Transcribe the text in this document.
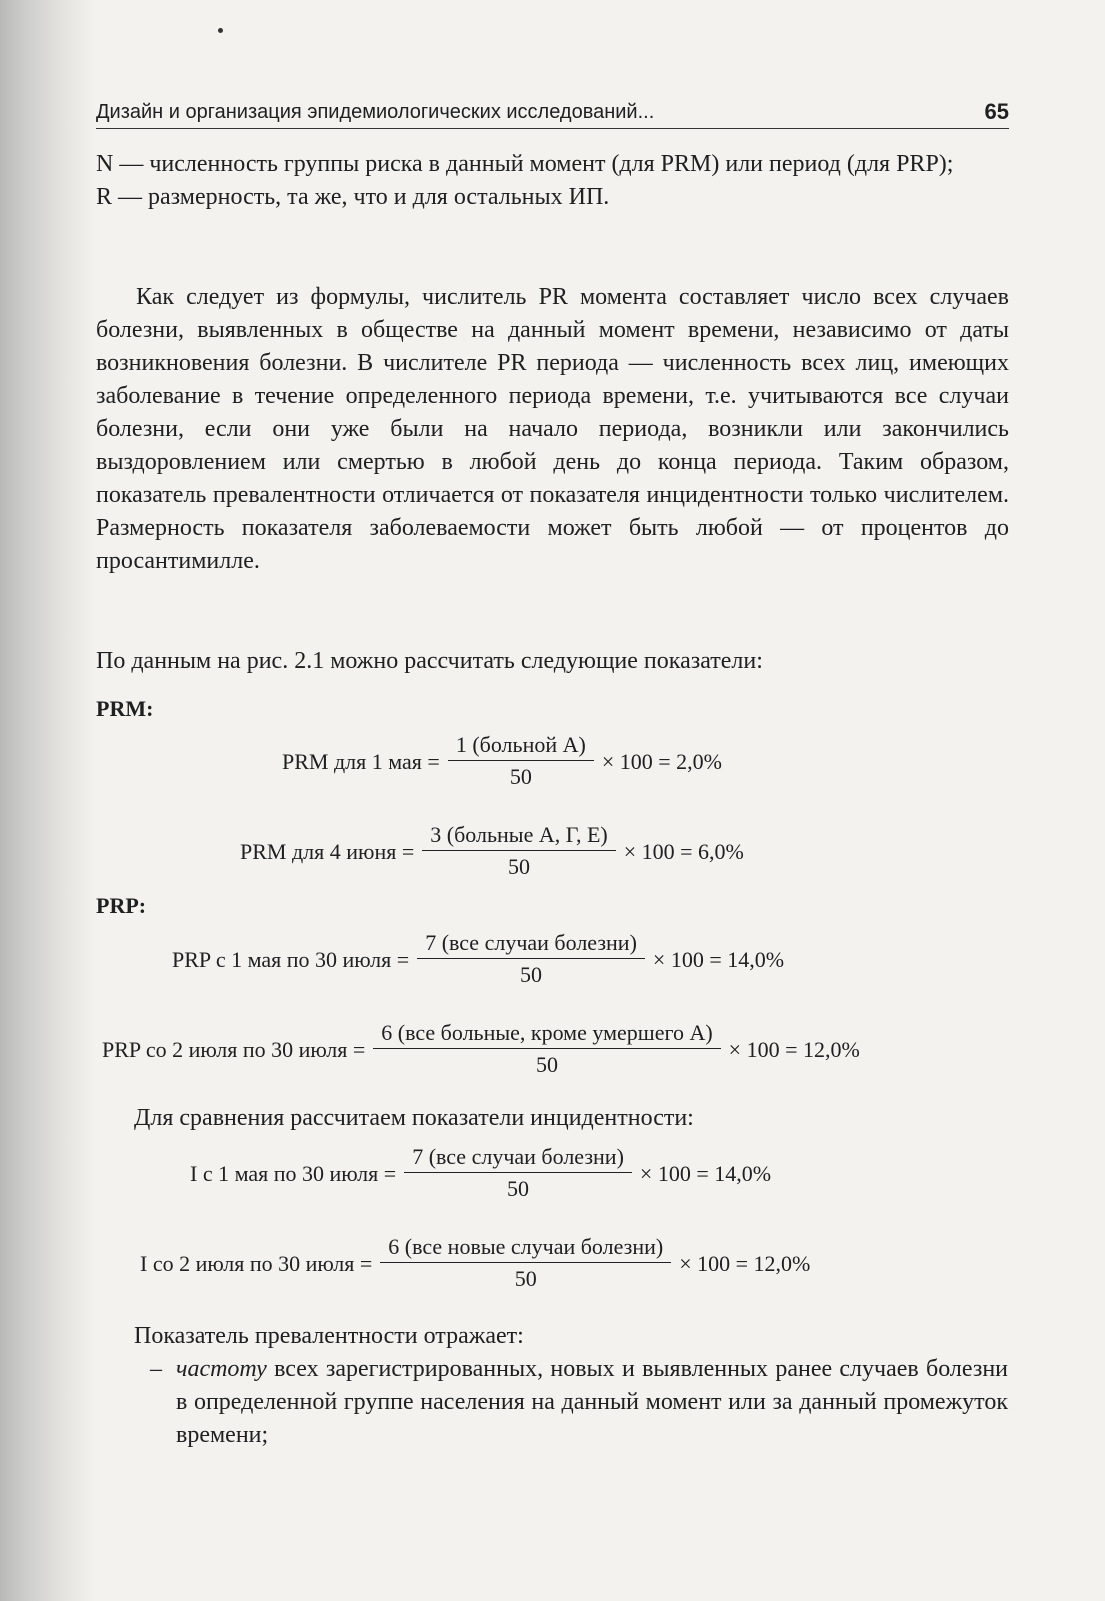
Дизайн и организация эпидемиологических исследований...	65
N — численность группы риска в данный момент (для PRM) или период (для PRP);
R — размерность, та же, что и для остальных ИП.
Как следует из формулы, числитель PR момента составляет число всех случаев болезни, выявленных в обществе на данный момент времени, независимо от даты возникновения болезни. В числителе PR периода — численность всех лиц, имеющих заболевание в течение определенного периода времени, т.е. учитываются все случаи болезни, если они уже были на начало периода, возникли или закончились выздоровлением или смертью в любой день до конца периода. Таким образом, показатель превалентности отличается от показателя инцидентности только числителем. Размерность показателя заболеваемости может быть любой — от процентов до просантимилле.
По данным на рис. 2.1 можно рассчитать следующие показатели:
PRM:
PRM для 1 мая = $\frac{\text{1 (больной А)}}{50} \times 100 = 2,0\%$
PRM для 4 июня = $\frac{\text{3 (больные А, Г, Е)}}{50} \times 100 = 6,0\%$
PRP:
PRP с 1 мая по 30 июля = $\frac{\text{7 (все случаи болезни)}}{50} \times 100 = 14,0\%$
PRP со 2 июля по 30 июля = $\frac{\text{6 (все больные, кроме умершего А)}}{50} \times 100 = 12,0\%$
Для сравнения рассчитаем показатели инцидентности:
I с 1 мая по 30 июля = $\frac{\text{7 (все случаи болезни)}}{50} \times 100 = 14,0\%$
I со 2 июля по 30 июля = $\frac{\text{6 (все новые случаи болезни)}}{50} \times 100 = 12,0\%$
Показатель превалентности отражает:
– частоту всех зарегистрированных, новых и выявленных ранее случаев болезни в определенной группе населения на данный момент или за данный промежуток времени;
